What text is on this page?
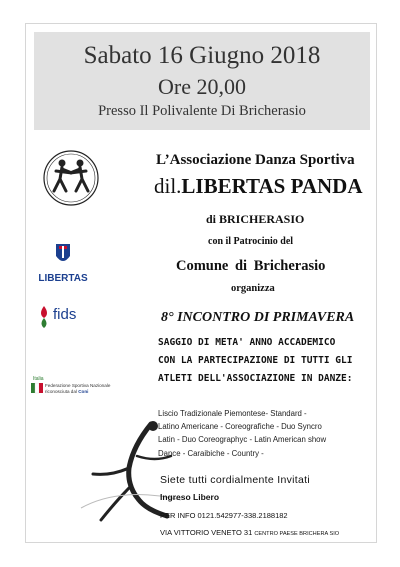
Sabato 16 Giugno 2018
Ore 20,00
Presso Il Polivalente Di Bricherasio
L’Associazione Danza Sportiva
dil.LIBERTAS PANDA
di BRICHERASIO
con il Patrocinio del
LIBERTAS
Comune di Bricherasio
organizza
fids	8° INCONTRO DI PRIMAVERA
SAGGIO DI META' ANNO ACCADEMICO
CON LA PARTECIPAZIONE DI TUTTI GLI
ATLETI DELL'ASSOCIAZIONE IN DANZE:
Italia
Federazione Sportiva Nazionale
riconosciuta dal Coni
Liscio Tradizionale Piemontese- Standard -
Latino Americane - Coreografiche - Duo Syncro
Latin - Duo Coreographyc - Latin American show
Dance - Caraibiche - Country -
Siete tutti cordialmente Invitati
Ingreso Libero
PER INFO 0121.542977-338.2188182
VIA VITTORIO VENETO 31 CENTRO PAESE BRICHERA SIO
